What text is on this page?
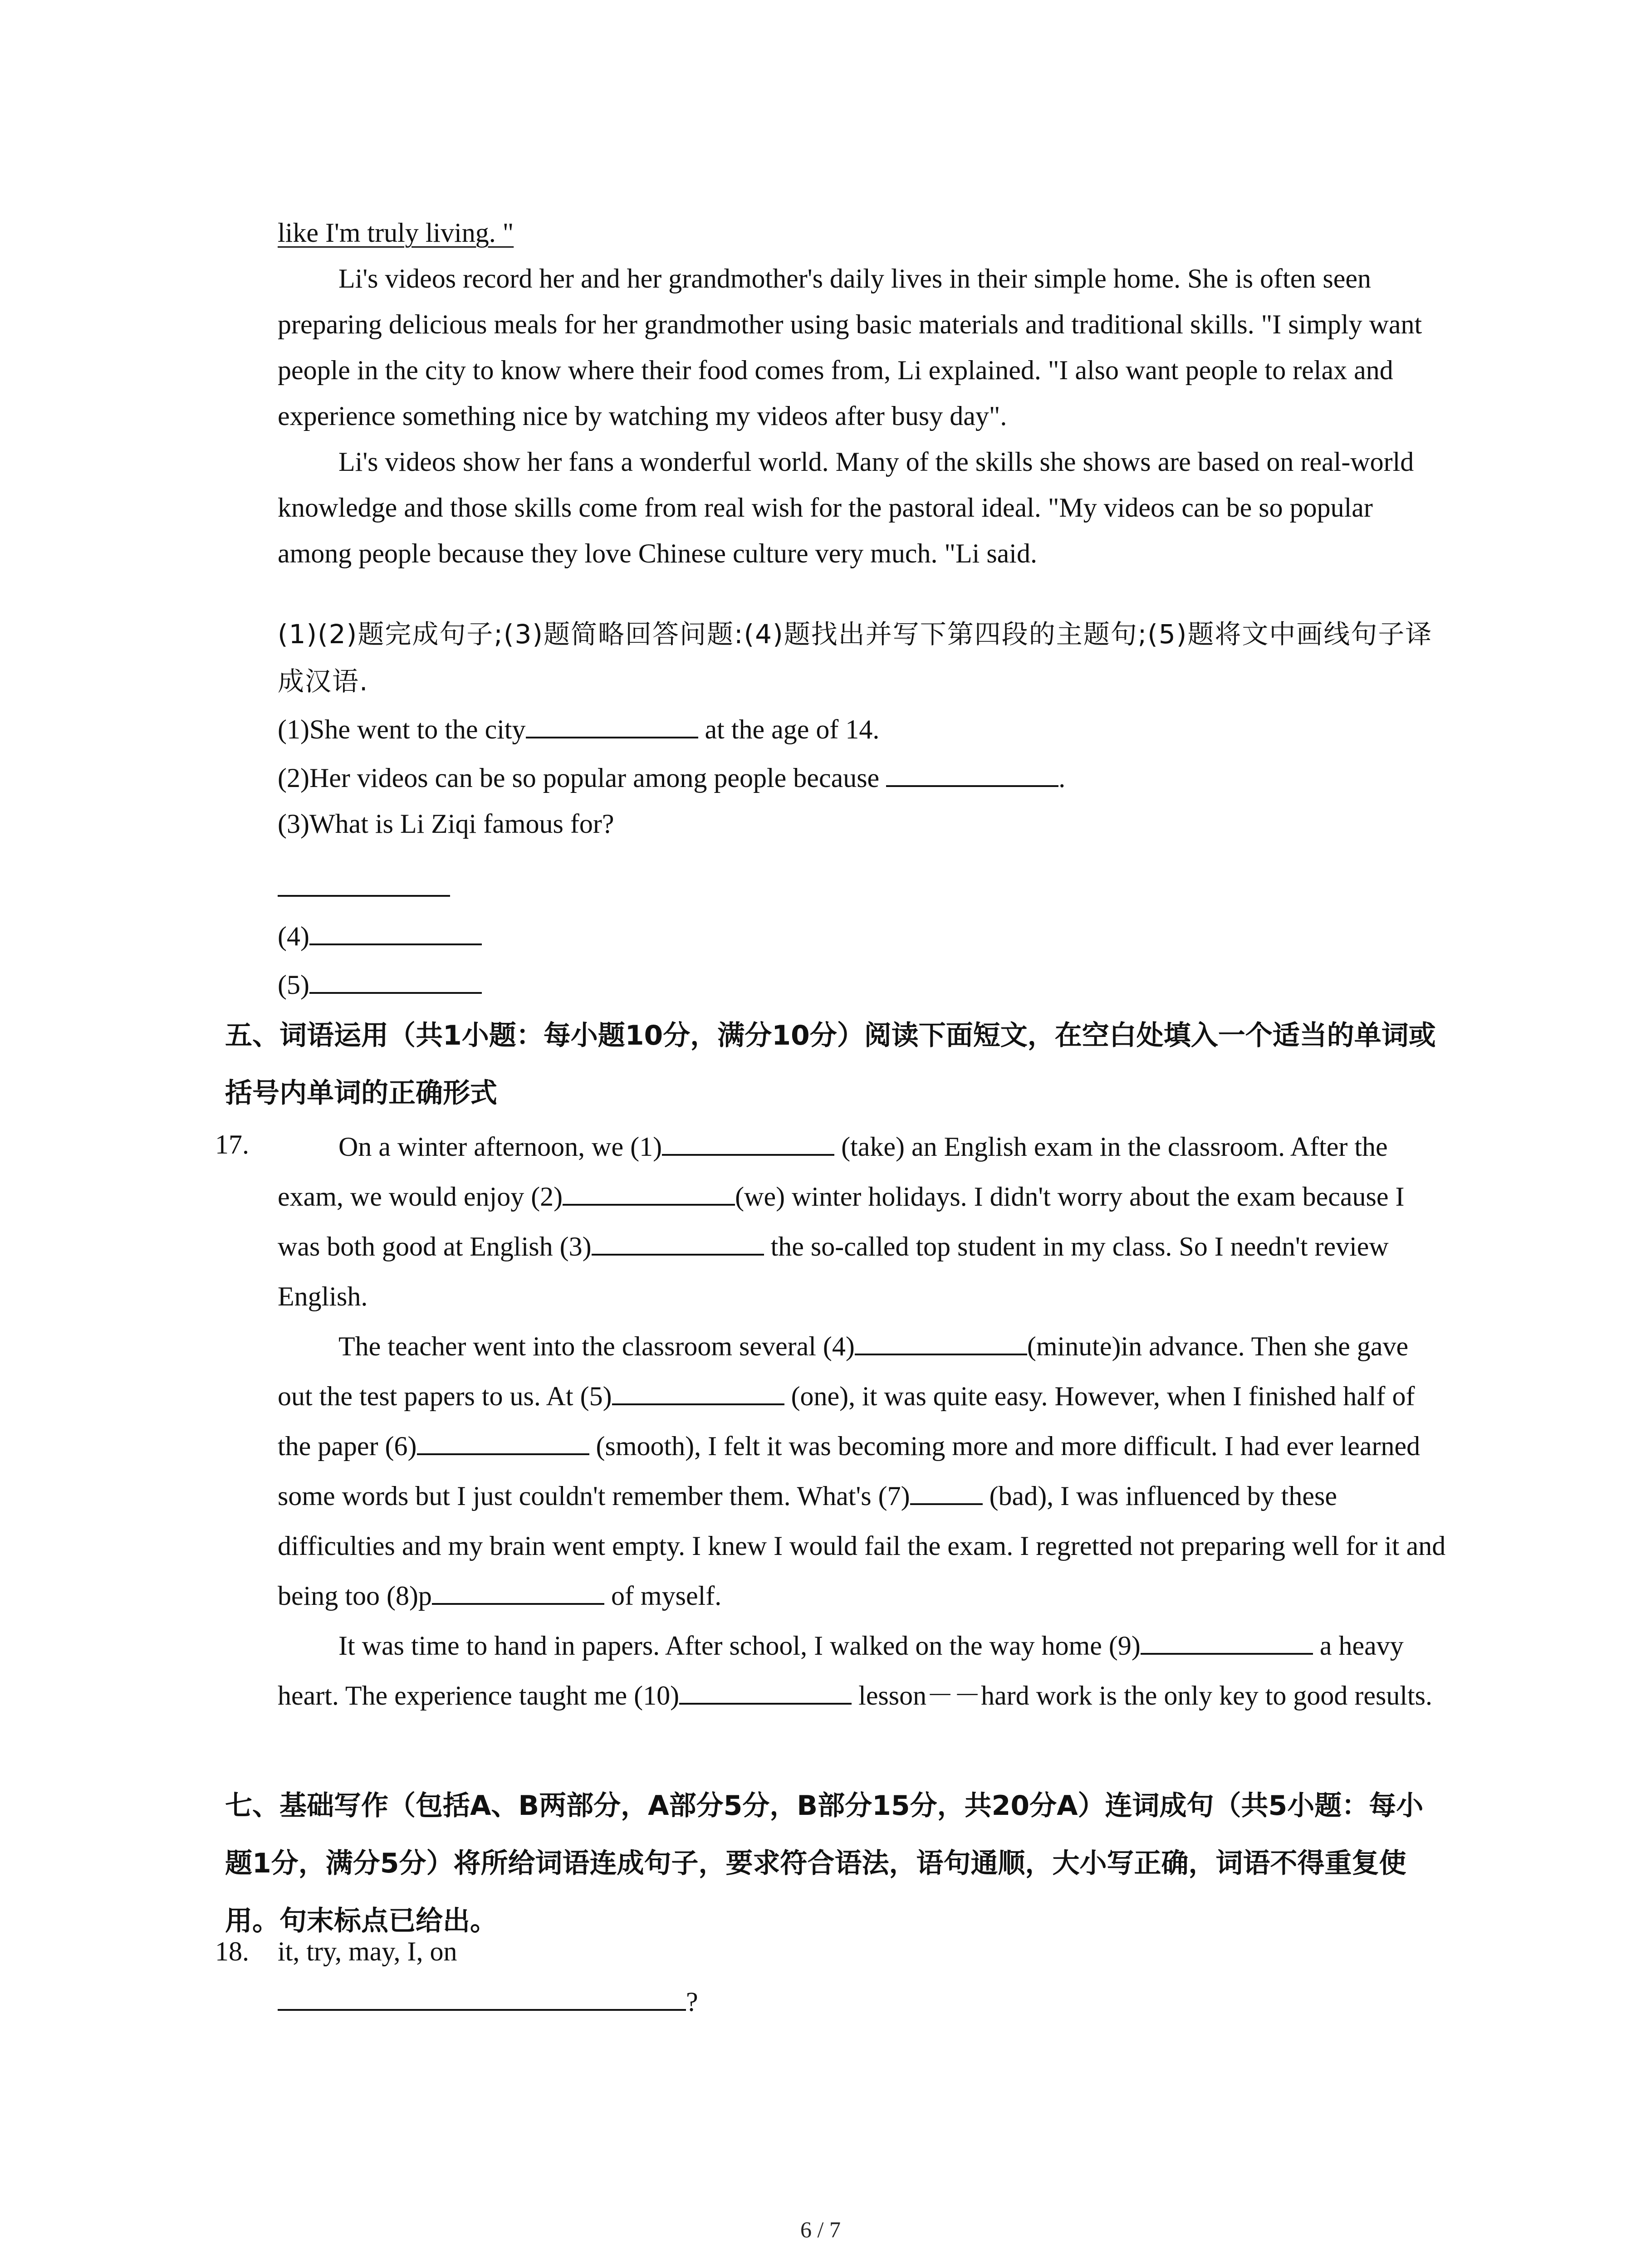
like I'm truly living. "

Li's videos record her and her grandmother's daily lives in their simple home. She is often seen preparing delicious meals for her grandmother using basic materials and traditional skills. "I simply want people in the city to know where their food comes from, Li explained. "I also want people to relax and experience something nice by watching my videos after busy day".

Li's videos show her fans a wonderful world. Many of the skills she shows are based on real-world knowledge and those skills come from real wish for the pastoral ideal. "My videos can be so popular among people because they love Chinese culture very much. "Li said.

(1)(2)题完成句子;(3)题简略回答问题:(4)题找出并写下第四段的主题句;(5)题将文中画线句子译成汉语.

(1)She went to the city	at the age of 14.

(2)Her videos can be so popular among people because	.

(3)What is Li Ziqi famous for?

(4)

(5)

五、词语运用（共1小题：每小题10分，满分10分）阅读下面短文，在空白处填入一个适当的单词或括号内单词的正确形式

17.	On a winter afternoon, we (1)	(take) an English exam in the classroom. After the exam, we would enjoy (2)	(we) winter holidays. I didn't worry about the exam because I was both good at English (3)	the so-called top student in my class. So I needn't review English.

The teacher went into the classroom several (4)	(minute)in advance. Then she gave out the test papers to us. At (5)	(one), it was quite easy. However, when I finished half of the paper (6)	(smooth), I felt it was becoming more and more difficult. I had ever learned some words but I just couldn't remember them. What's (7)	(bad), I was influenced by these difficulties and my brain went empty. I knew I would fail the exam. I regretted not preparing well for it and being too (8)p	of myself.

It was time to hand in papers. After school, I walked on the way home (9)	a heavy heart. The experience taught me (10)	lesson－－hard work is the only key to good results.

七、基础写作（包括A、B两部分，A部分5分，B部分15分，共20分A）连词成句（共5小题：每小题1分，满分5分）将所给词语连成句子，要求符合语法，语句通顺，大小写正确，词语不得重复使用。句末标点已给出。

18. it, try, may, I, on

?

6 / 7
